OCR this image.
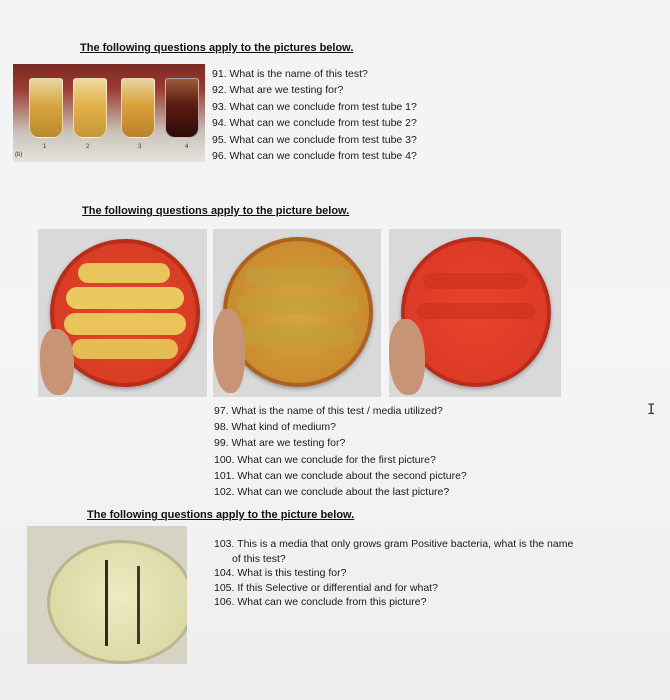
The following questions apply to the pictures below.
1	2	3	4
(b)
91. What is the name of this test?
92. What are we testing for?
93. What can we conclude from test tube 1?
94. What can we conclude from test tube 2?
95. What can we conclude from test tube 3?
96. What can we conclude from test tube 4?
The following questions apply to the picture below.
97. What is the name of this test / media utilized?
98. What kind of medium?
99. What are we testing for?
100. What can we conclude for the first picture?
101. What can we conclude about the second picture?
102. What can we conclude about the last picture?
I
The following questions apply to the picture below.
103. This is a media that only grows gram Positive bacteria, what is the name
of this test?
104. What is this testing for?
105. If this Selective or differential and for what?
106. What can we conclude from this picture?
